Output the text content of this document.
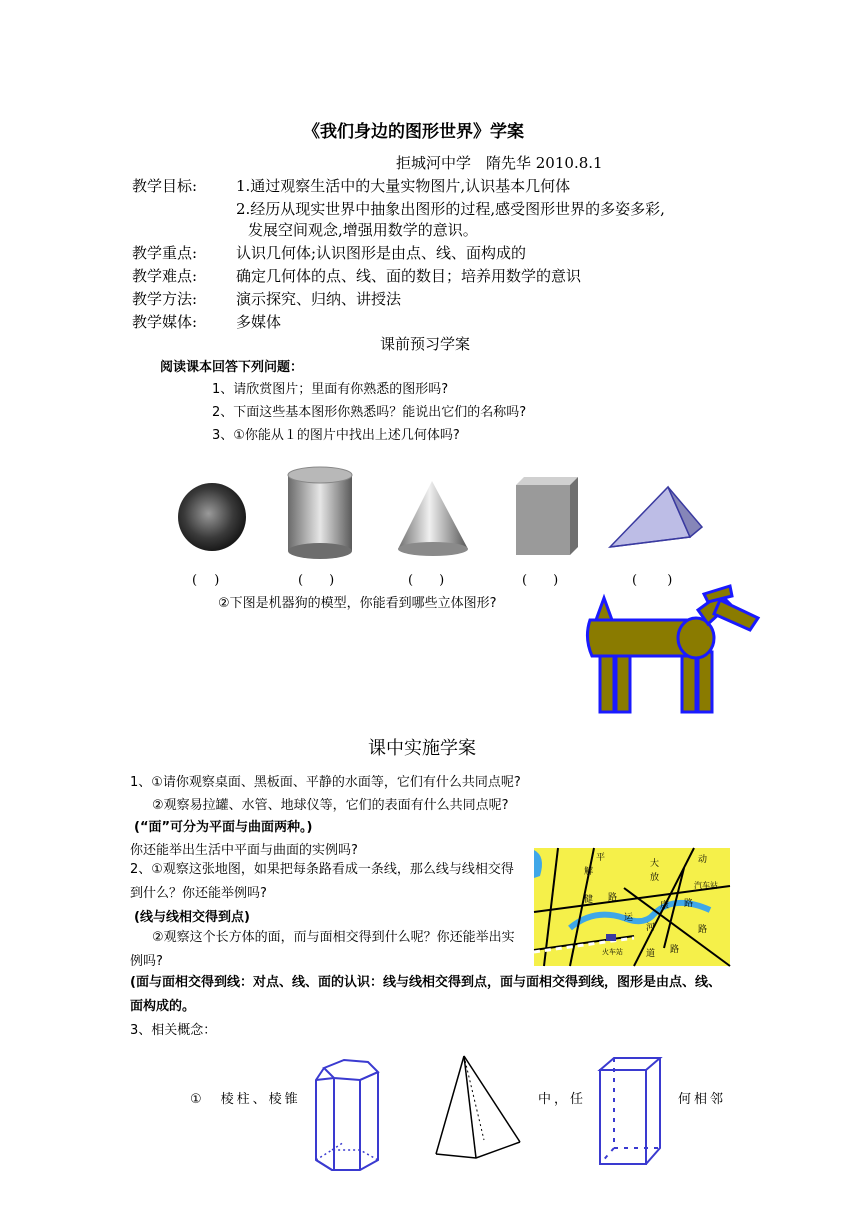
《我们身边的图形世界》学案
拒城河中学　隋先华 2010.8.1
教学目标:	1.通过观察生活中的大量实物图片,认识基本几何体
2.经历从现实世界中抽象出图形的过程,感受图形世界的多姿多彩,
发展空间观念,增强用数学的意识。
教学重点:	认识几何体;认识图形是由点、线、面构成的
教学难点:	确定几何体的点、线、面的数目；培养用数学的意识
教学方法:	演示探究、归纳、讲授法
教学媒体:	多媒体
课前预习学案
阅读课本回答下列问题：
1、请欣赏图片；里面有你熟悉的图形吗?
2、下面这些基本图形你熟悉吗？能说出它们的名称吗?
3、①你能从１的图片中找出上述几何体吗?
(　 )	(　　)	(　　)	(　　)	(　　 )
②下图是机器狗的模型，你能看到哪些立体图形?
课中实施学案
1、①请你观察桌面、黑板面、平静的水面等，它们有什么共同点呢?
②观察易拉罐、水管、地球仪等，它们的表面有什么共同点呢?
(“面”可分为平面与曲面两种。)
你还能举出生活中平面与曲面的实例吗?
2、①观察这张地图，如果把每条路看成一条线，那么线与线相交得到什么？你还能举例吗?
(线与线相交得到点)
②观察这个长方体的面，而与面相交得到什么呢？你还能举出实例吗?
(面与面相交得到线：对点、线、面的认识：线与线相交得到点，面与面相交得到线，图形是由点、线、面构成的。
3、相关概念：
平
解
放
大	动
汽车站
路
健 路
康
路
运
河
路
道
火车站
①　棱柱、棱锥	中，任	何相邻
